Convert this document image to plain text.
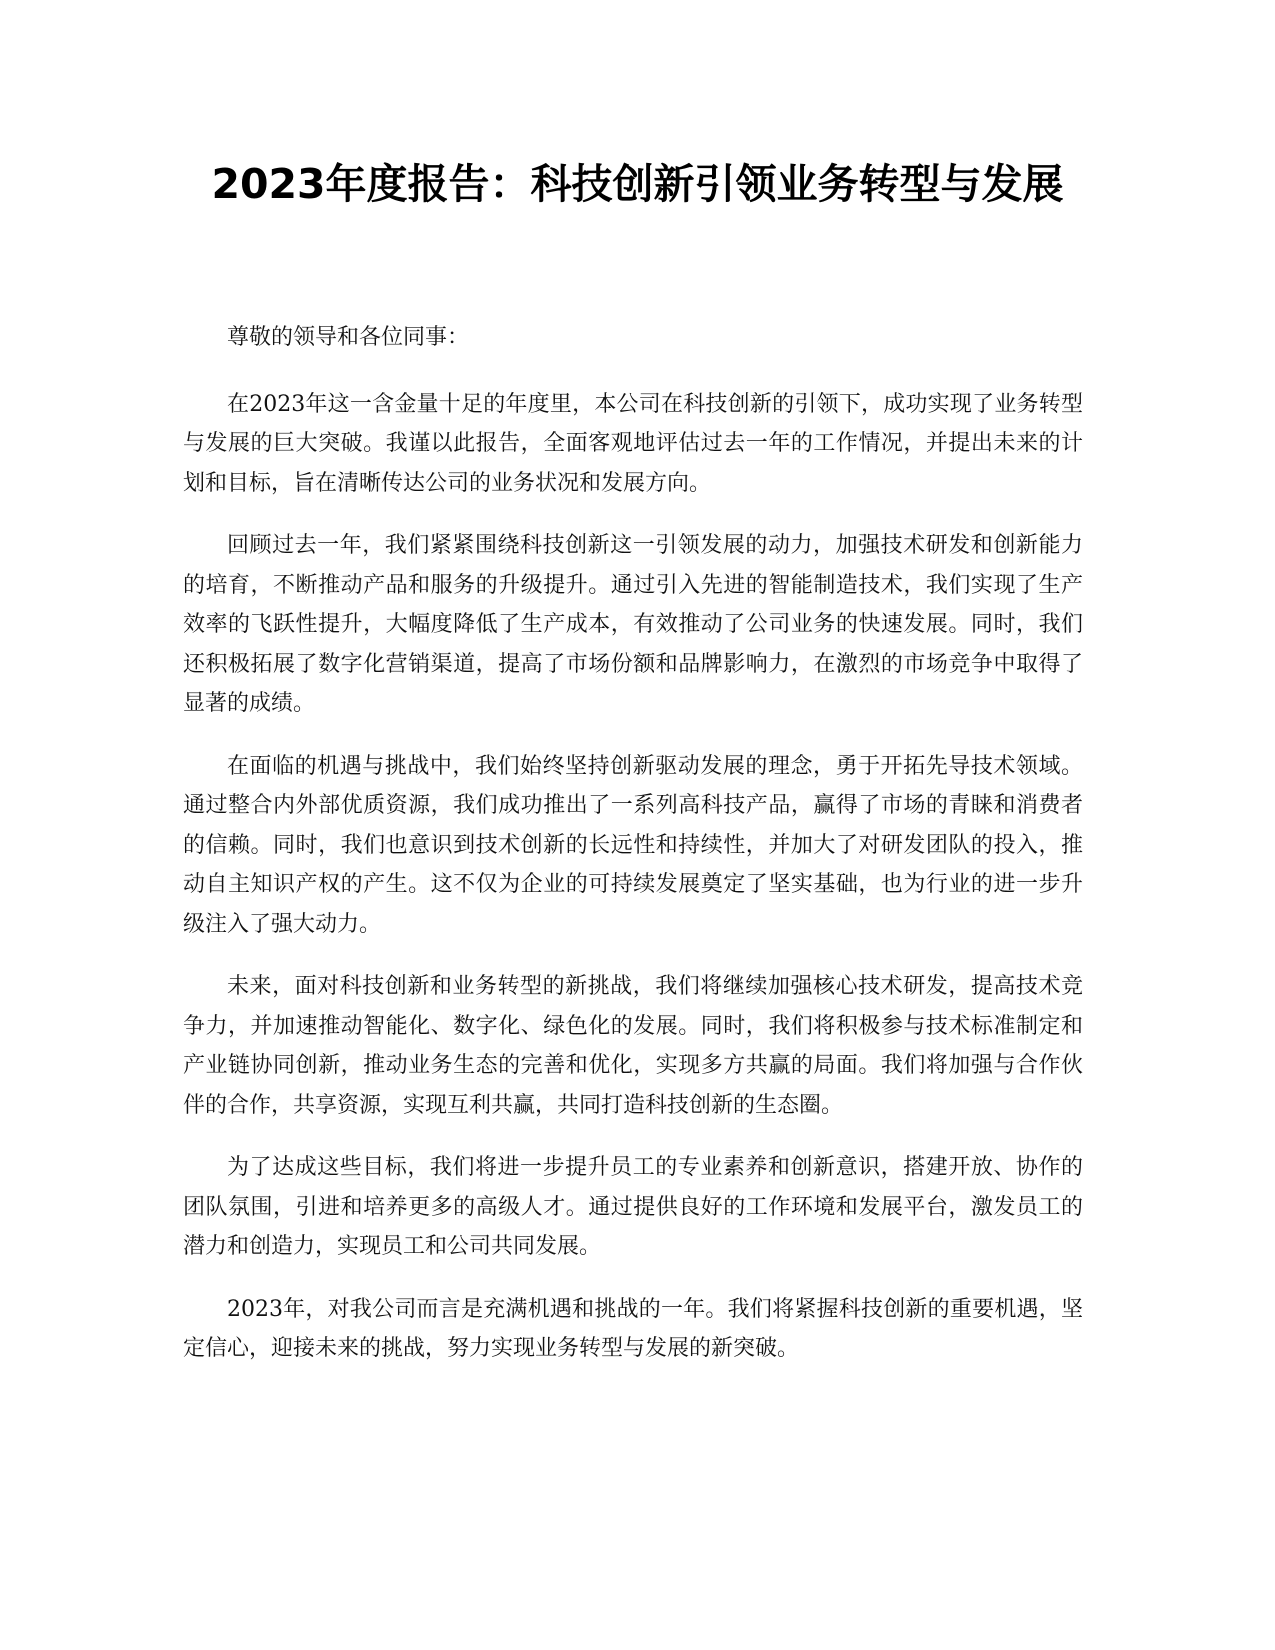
2023年度报告：科技创新引领业务转型与发展

尊敬的领导和各位同事：

在2023年这一含金量十足的年度里，本公司在科技创新的引领下，成功实现了业务转型与发展的巨大突破。我谨以此报告，全面客观地评估过去一年的工作情况，并提出未来的计划和目标，旨在清晰传达公司的业务状况和发展方向。

回顾过去一年，我们紧紧围绕科技创新这一引领发展的动力，加强技术研发和创新能力的培育，不断推动产品和服务的升级提升。通过引入先进的智能制造技术，我们实现了生产效率的飞跃性提升，大幅度降低了生产成本，有效推动了公司业务的快速发展。同时，我们还积极拓展了数字化营销渠道，提高了市场份额和品牌影响力，在激烈的市场竞争中取得了显著的成绩。

在面临的机遇与挑战中，我们始终坚持创新驱动发展的理念，勇于开拓先导技术领域。通过整合内外部优质资源，我们成功推出了一系列高科技产品，赢得了市场的青睐和消费者的信赖。同时，我们也意识到技术创新的长远性和持续性，并加大了对研发团队的投入，推动自主知识产权的产生。这不仅为企业的可持续发展奠定了坚实基础，也为行业的进一步升级注入了强大动力。

未来，面对科技创新和业务转型的新挑战，我们将继续加强核心技术研发，提高技术竞争力，并加速推动智能化、数字化、绿色化的发展。同时，我们将积极参与技术标准制定和产业链协同创新，推动业务生态的完善和优化，实现多方共赢的局面。我们将加强与合作伙伴的合作，共享资源，实现互利共赢，共同打造科技创新的生态圈。

为了达成这些目标，我们将进一步提升员工的专业素养和创新意识，搭建开放、协作的团队氛围，引进和培养更多的高级人才。通过提供良好的工作环境和发展平台，激发员工的潜力和创造力，实现员工和公司共同发展。

2023年，对我公司而言是充满机遇和挑战的一年。我们将紧握科技创新的重要机遇，坚定信心，迎接未来的挑战，努力实现业务转型与发展的新突破。
